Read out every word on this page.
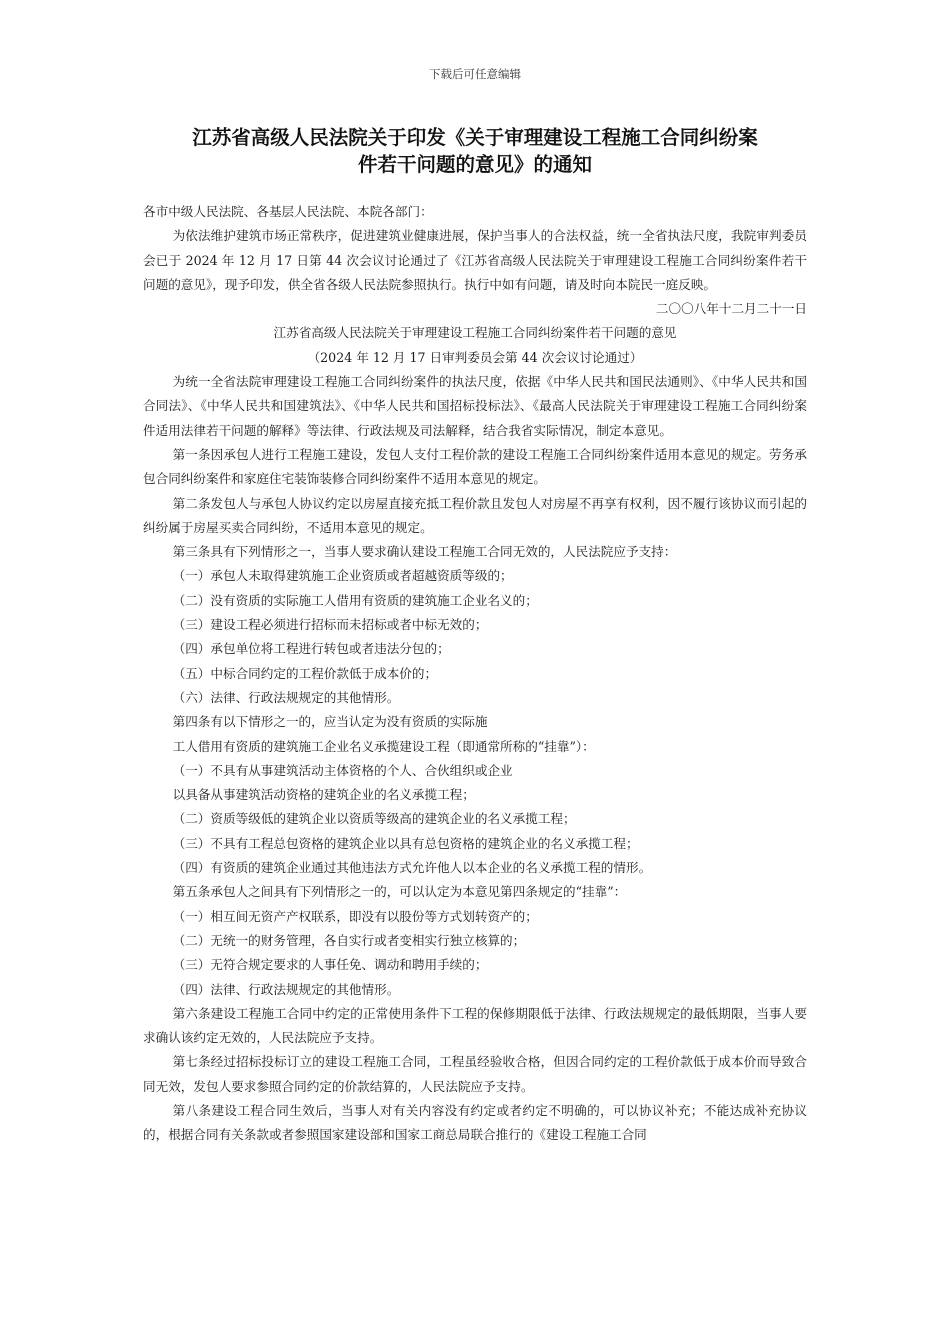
下载后可任意编辑
江苏省高级人民法院关于印发《关于审理建设工程施工合同纠纷案
件若干问题的意见》的通知

各市中级人民法院、各基层人民法院、本院各部门：

为依法维护建筑市场正常秩序，促进建筑业健康进展，保护当事人的合法权益，统一全省执法尺度，我院审判委员会已于 2024 年 12 月 17 日第 44 次会议讨论通过了《江苏省高级人民法院关于审理建设工程施工合同纠纷案件若干问题的意见》，现予印发，供全省各级人民法院参照执行。执行中如有问题，请及时向本院民一庭反映。

二〇〇八年十二月二十一日

江苏省高级人民法院关于审理建设工程施工合同纠纷案件若干问题的意见

（2024 年 12 月 17 日审判委员会第 44 次会议讨论通过）

为统一全省法院审理建设工程施工合同纠纷案件的执法尺度，依据《中华人民共和国民法通则》、《中华人民共和国合同法》、《中华人民共和国建筑法》、《中华人民共和国招标投标法》、《最高人民法院关于审理建设工程施工合同纠纷案件适用法律若干问题的解释》等法律、行政法规及司法解释，结合我省实际情况，制定本意见。

第一条因承包人进行工程施工建设，发包人支付工程价款的建设工程施工合同纠纷案件适用本意见的规定。劳务承包合同纠纷案件和家庭住宅装饰装修合同纠纷案件不适用本意见的规定。

第二条发包人与承包人协议约定以房屋直接充抵工程价款且发包人对房屋不再享有权利，因不履行该协议而引起的纠纷属于房屋买卖合同纠纷，不适用本意见的规定。

第三条具有下列情形之一，当事人要求确认建设工程施工合同无效的，人民法院应予支持：

（一）承包人未取得建筑施工企业资质或者超越资质等级的；

（二）没有资质的实际施工人借用有资质的建筑施工企业名义的；

（三）建设工程必须进行招标而未招标或者中标无效的；

（四）承包单位将工程进行转包或者违法分包的；

（五）中标合同约定的工程价款低于成本价的；

（六）法律、行政法规规定的其他情形。

第四条有以下情形之一的，应当认定为没有资质的实际施

工人借用有资质的建筑施工企业名义承揽建设工程（即通常所称的“挂靠”）：

（一）不具有从事建筑活动主体资格的个人、合伙组织或企业

以具备从事建筑活动资格的建筑企业的名义承揽工程；

（二）资质等级低的建筑企业以资质等级高的建筑企业的名义承揽工程；

（三）不具有工程总包资格的建筑企业以具有总包资格的建筑企业的名义承揽工程；

（四）有资质的建筑企业通过其他违法方式允许他人以本企业的名义承揽工程的情形。

第五条承包人之间具有下列情形之一的，可以认定为本意见第四条规定的“挂靠”：

（一）相互间无资产产权联系，即没有以股份等方式划转资产的；

（二）无统一的财务管理，各自实行或者变相实行独立核算的；

（三）无符合规定要求的人事任免、调动和聘用手续的；

（四）法律、行政法规规定的其他情形。

第六条建设工程施工合同中约定的正常使用条件下工程的保修期限低于法律、行政法规规定的最低期限，当事人要求确认该约定无效的，人民法院应予支持。

第七条经过招标投标订立的建设工程施工合同，工程虽经验收合格，但因合同约定的工程价款低于成本价而导致合同无效，发包人要求参照合同约定的价款结算的，人民法院应予支持。

第八条建设工程合同生效后，当事人对有关内容没有约定或者约定不明确的，可以协议补充；不能达成补充协议的，根据合同有关条款或者参照国家建设部和国家工商总局联合推行的《建设工程施工合同
